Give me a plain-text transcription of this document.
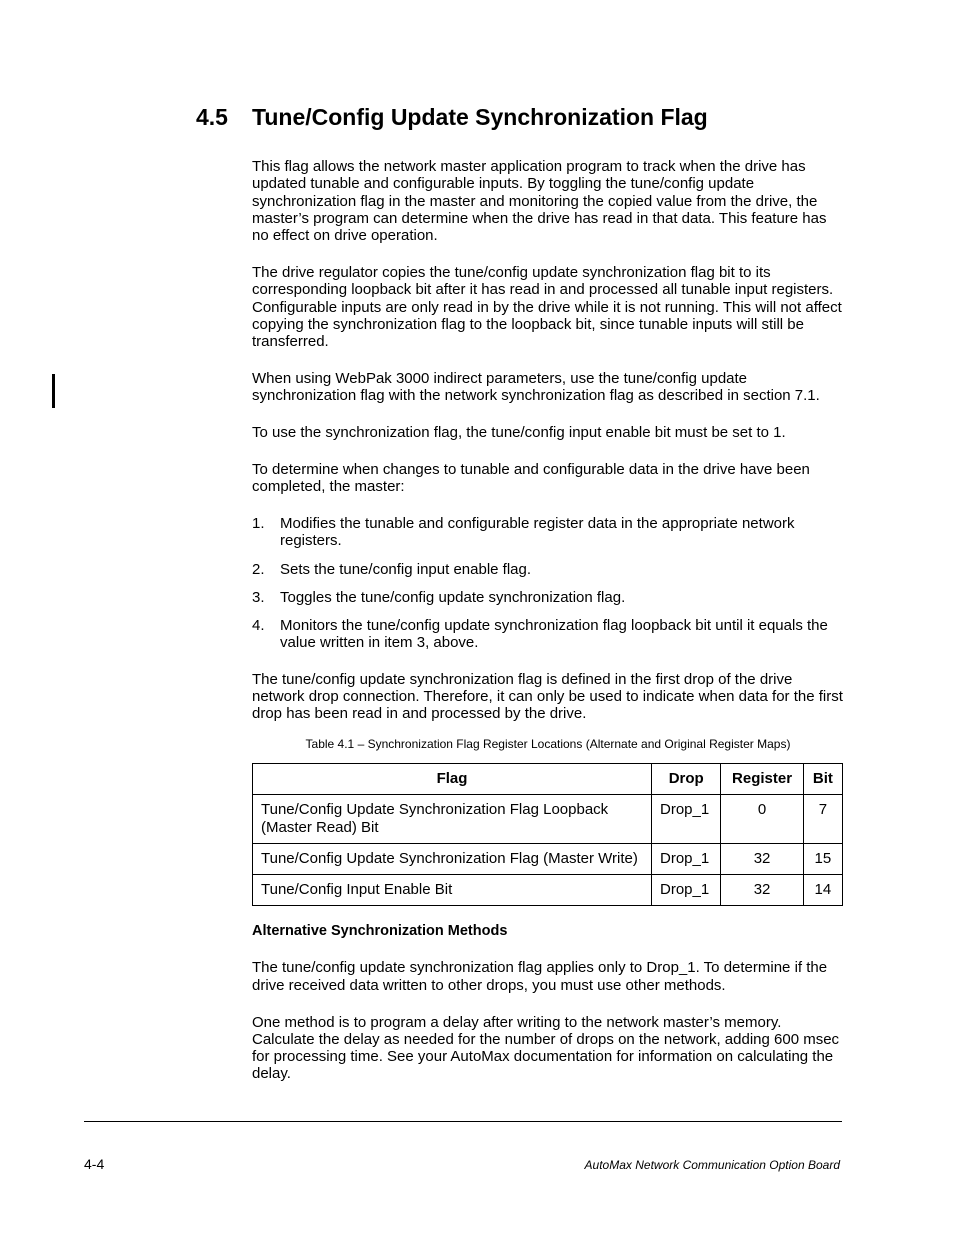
4.5 Tune/Config Update Synchronization Flag

This flag allows the network master application program to track when the drive has updated tunable and configurable inputs. By toggling the tune/config update synchronization flag in the master and monitoring the copied value from the drive, the master’s program can determine when the drive has read in that data. This feature has no effect on drive operation.

The drive regulator copies the tune/config update synchronization flag bit to its corresponding loopback bit after it has read in and processed all tunable input registers. Configurable inputs are only read in by the drive while it is not running. This will not affect copying the synchronization flag to the loopback bit, since tunable inputs will still be transferred.

When using WebPak 3000 indirect parameters, use the tune/config update synchronization flag with the network synchronization flag as described in section 7.1.

To use the synchronization flag, the tune/config input enable bit must be set to 1.

To determine when changes to tunable and configurable data in the drive have been completed, the master:

1. Modifies the tunable and configurable register data in the appropriate network registers.
2. Sets the tune/config input enable flag.
3. Toggles the tune/config update synchronization flag.
4. Monitors the tune/config update synchronization flag loopback bit until it equals the value written in item 3, above.

The tune/config update synchronization flag is defined in the first drop of the drive network drop connection. Therefore, it can only be used to indicate when data for the first drop has been read in and processed by the drive.

Table 4.1 – Synchronization Flag Register Locations (Alternate and Original Register Maps)
Flag	Drop	Register	Bit
Tune/Config Update Synchronization Flag Loopback (Master Read) Bit	Drop_1	0	7
Tune/Config Update Synchronization Flag (Master Write)	Drop_1	32	15
Tune/Config Input Enable Bit	Drop_1	32	14
Alternative Synchronization Methods

The tune/config update synchronization flag applies only to Drop_1. To determine if the drive received data written to other drops, you must use other methods.

One method is to program a delay after writing to the network master’s memory. Calculate the delay as needed for the number of drops on the network, adding 600 msec for processing time. See your AutoMax documentation for information on calculating the delay.

4-4	AutoMax Network Communication Option Board
